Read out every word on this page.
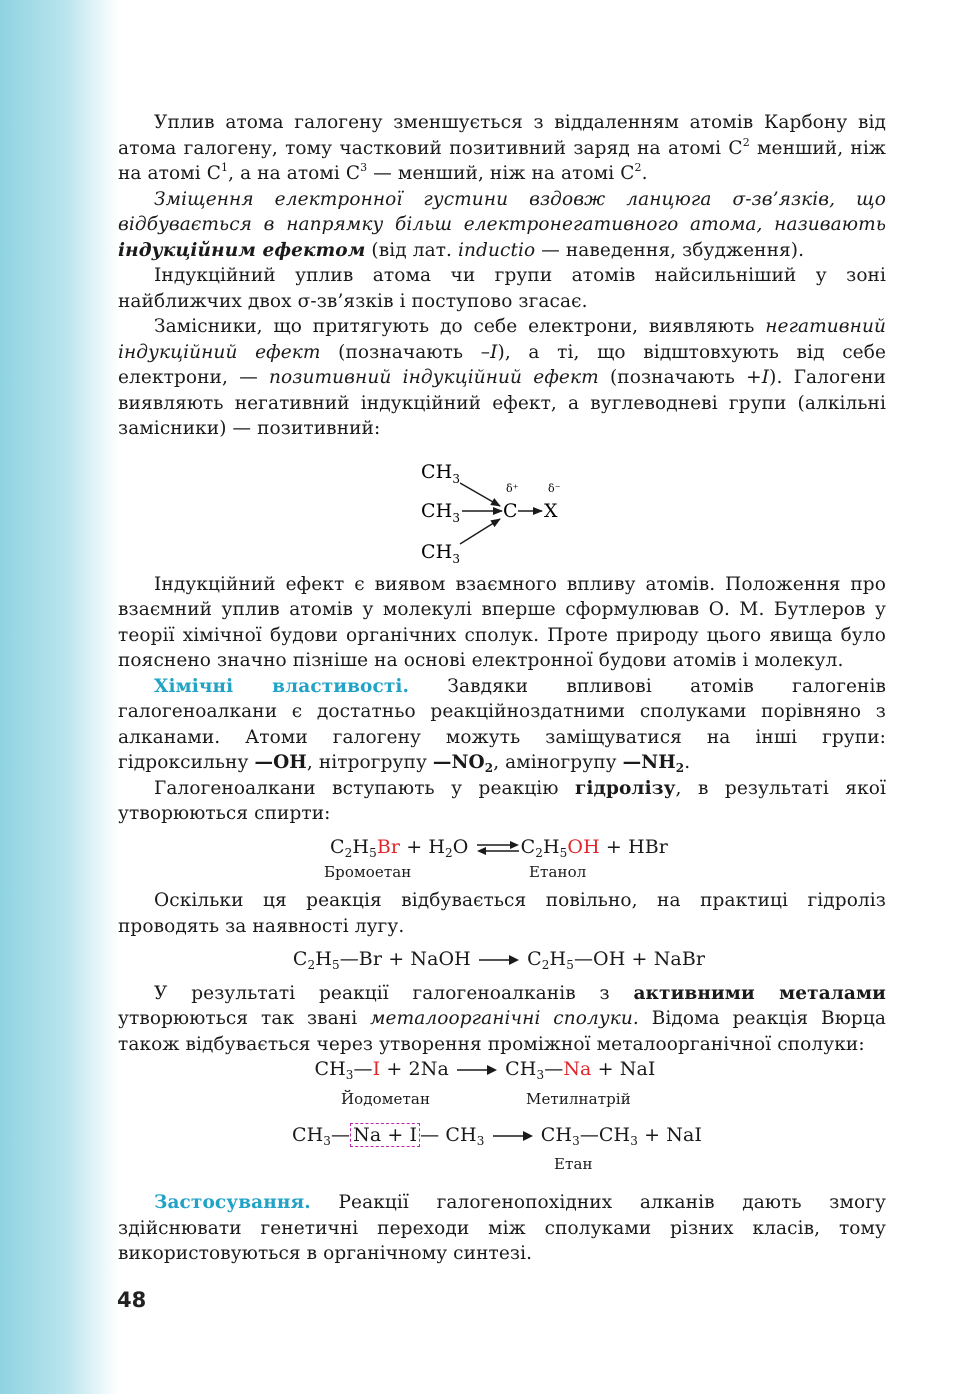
Уплив атома галогену зменшується з віддаленням атомів Карбону від атома галогену, тому частковий позитивний заряд на атомі $С^2$ менший, ніж на атомі $С^1$, а на атомі $С^3$ — менший, ніж на атомі $С^2$.

Зміщення електронної густини вздовж ланцюга σ-зв’язків, що відбувається в напрямку більш електронегативного атома, називають індукційним ефектом (від лат. inductio — наведення, збудження).

Індукційний уплив атома чи групи атомів найсильніший у зоні найближчих двох σ-зв’язків і поступово згасає.

Замісники, що притягують до себе електрони, виявляють негативний індукційний ефект (позначають –I), а ті, що відштовхують від себе електрони, — позитивний індукційний ефект (позначають +I). Галогени виявляють негативний індукційний ефект, а вуглеводневі групи (алкільні замісники) — позитивний:

$CH_3$
$CH_3$
$CH_3$
C X
δ⁺	δ⁻

Індукційний ефект є виявом взаємного впливу атомів. Положення про взаємний уплив атомів у молекулі вперше сформулював О. М. Бутлеров у теорії хімічної будови органічних сполук. Проте природу цього явища було пояснено значно пізніше на основі електронної будови атомів і молекул.

Хімічні властивості. Завдяки впливові атомів галогенів галогеноалкани є достатньо реакційноздатними сполуками порівняно з алканами. Атоми галогену можуть заміщуватися на інші групи: гідроксильну —OH, нітрогрупу $—NO_2$, аміногрупу $—NH_2$.

Галогеноалкани вступають у реакцію гідролізу, в результаті якої утворюються спирти:

$C_2H_5Br + H_2O$ $\rightleftharpoons C_2H_5OH$ + HBr
Бромоетан	Етанол

Оскільки ця реакція відбувається повільно, на практиці гідроліз проводять за наявності лугу.

$C_2H_5—Br$ + NaOH → $C_2H_5—OH$ + NaBr

У результаті реакції галогеноалканів з активними металами утворюються так звані металоорганічні сполуки. Відома реакція Вюрца також відбувається через утворення проміжної металоорганічної сполуки:

$CH_3—I + 2Na$ → $CH_3—Na$ + NaI
Йодометан	Метилнатрій
$CH_3—$ Na + I — $CH_3$ → $CH_3—CH_3$ + NaI
Етан

Застосування. Реакції галогенопохідних алканів дають змогу здійснювати генетичні переходи між сполуками різних класів, тому використовуються в органічному синтезі.

48
